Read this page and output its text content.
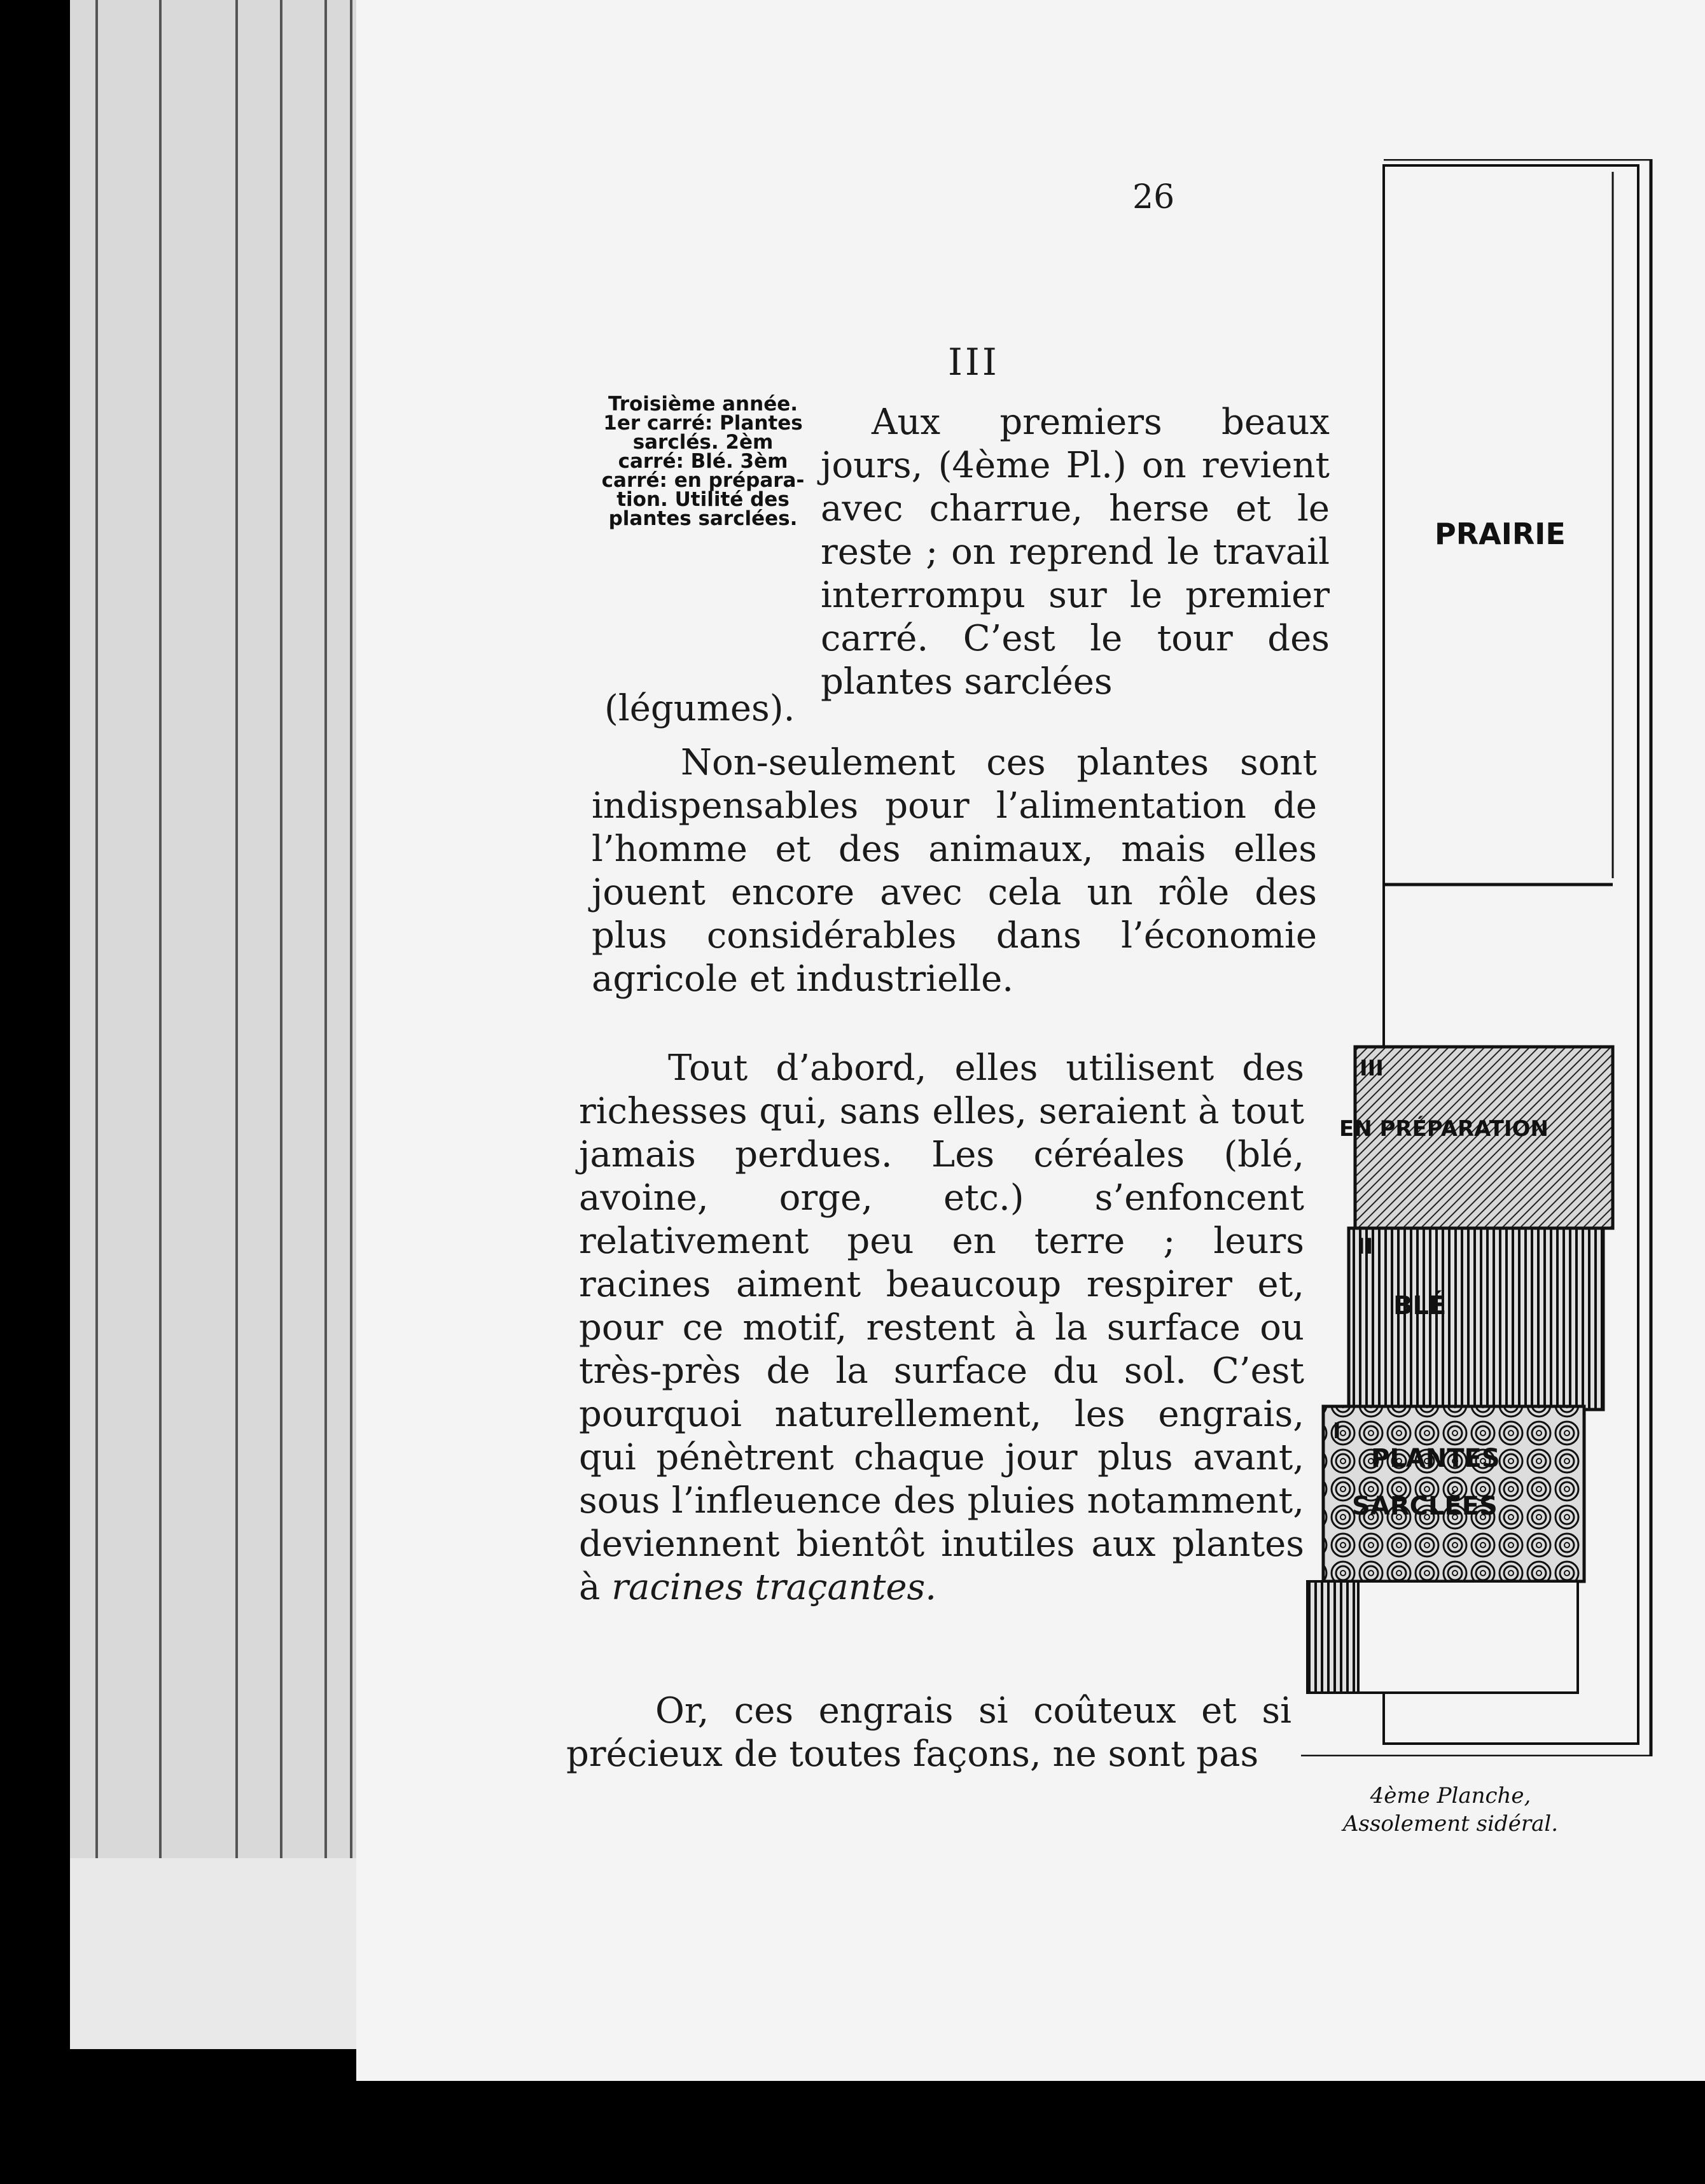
26
III
Troisième année. 1er carré: Plantes sarclés. 2èm carré: Blé. 3èm carré: en prépara-tion. Utilité des plantes sarclées.
Aux premiers beaux jours, (4ème Pl.) on revient avec charrue, herse et le reste ; on reprend le travail interrompu sur le premier carré. C’est le tour des plantes sarclées
(légumes).
Non-seulement ces plantes sont indispensables pour l’alimentation de l’homme et des animaux, mais elles jouent encore avec cela un rôle des plus considérables dans l’économie agricole et industrielle.
Tout d’abord, elles utilisent des richesses qui, sans elles, seraient à tout jamais perdues. Les céréales (blé, avoine, orge, etc.) s’enfoncent relativement peu en terre ; leurs racines aiment beaucoup respirer et, pour ce motif, restent à la surface ou très-près de la surface du sol. C’est pourquoi naturellement, les engrais, qui pénètrent chaque jour plus avant, sous l’infleuence des pluies notamment, deviennent bientôt inutiles aux plantes à racines traçantes.
Or, ces engrais si coûteux et si précieux de toutes façons, ne sont pas
PRAIRIE
III
EN PRÉPARATION
II
BLÉ
I
PLANTES
SARCLÉES
4ème Planche,
Assolement sidéral.
